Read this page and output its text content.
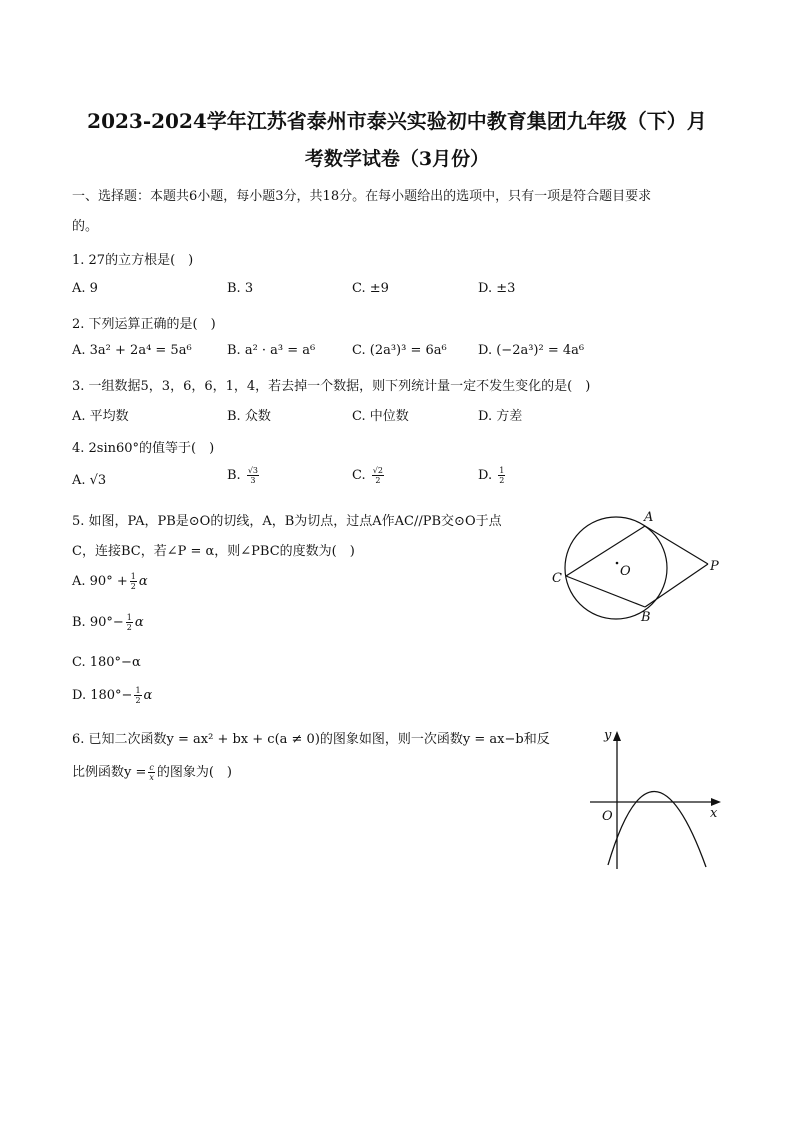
2023-2024学年江苏省泰州市泰兴实验初中教育集团九年级（下）月
考数学试卷（3月份）
一、选择题：本题共6小题，每小题3分，共18分。在每小题给出的选项中，只有一项是符合题目要求
的。
1. 27的立方根是(　)
A. 9	B. 3	C. ±9	D. ±3
2. 下列运算正确的是(　)
A. 3a² + 2a⁴ = 5a⁶	B. a² · a³ = a⁶	C. (2a³)³ = 6a⁶ D. (−2a³)² = 4a⁶
3. 一组数据5，3，6，6，1，4，若去掉一个数据，则下列统计量一定不发生变化的是(　)
A. 平均数	B. 众数	C. 中位数	D. 方差
4. 2sin60°的值等于(　)
A. √3	B. $\frac{√3}{3}$	C. $\frac{√2}{2}$	D. $\frac{1}{2}$
5. 如图，PA，PB是⊙O的切线，A，B为切点，过点A作AC//PB交⊙O于点
C，连接BC，若∠P = α，则∠PBC的度数为(　)
A. $90^\circ + \frac{1}{2}$ α
B. $90^\circ- \frac{1}{2}$ α
C. 180°−α
D. $180^\circ- \frac{1}{2}$ α
A
B
C	O	P
6. 已知二次函数y = ax² + bx + c(a ≠ 0)的图象如图，则一次函数y = ax−b和反
比例函数$y = \frac{c}{x}$ 的图象为(　)
y
x
O
